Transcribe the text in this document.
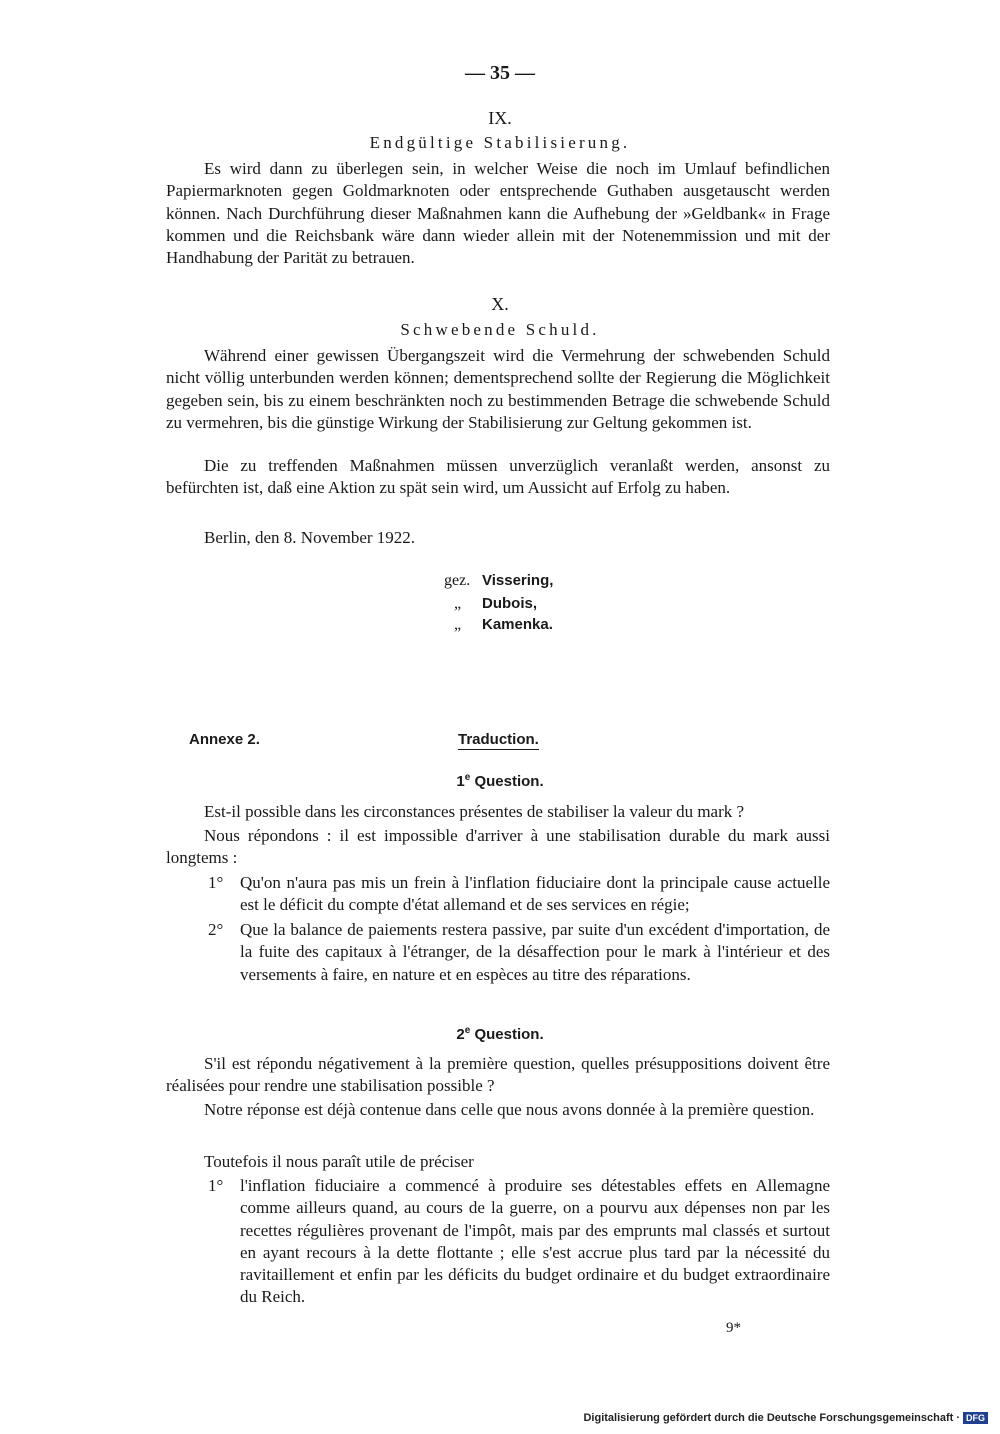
— 35 —
IX.
Endgültige Stabilisierung.
Es wird dann zu überlegen sein, in welcher Weise die noch im Umlauf befindlichen Papiermarknoten gegen Goldmarknoten oder entsprechende Guthaben ausgetauscht werden können. Nach Durchführung dieser Maßnahmen kann die Aufhebung der »Geldbank« in Frage kommen und die Reichsbank wäre dann wieder allein mit der Notenemmission und mit der Handhabung der Parität zu betrauen.
X.
Schwebende Schuld.
Während einer gewissen Übergangszeit wird die Vermehrung der schwebenden Schuld nicht völlig unterbunden werden können; dementsprechend sollte der Regierung die Möglichkeit gegeben sein, bis zu einem beschränkten noch zu bestimmenden Betrage die schwebende Schuld zu vermehren, bis die günstige Wirkung der Stabilisierung zur Geltung gekommen ist.
Die zu treffenden Maßnahmen müssen unverzüglich veranlaßt werden, ansonst zu befürchten ist, daß eine Aktion zu spät sein wird, um Aussicht auf Erfolg zu haben.
Berlin, den 8. November 1922.
gez. Vissering,
„ Dubois,
„ Kamenka.
Annexe 2.	Traduction.
1e Question.
Est-il possible dans les circonstances présentes de stabiliser la valeur du mark ?
Nous répondons : il est impossible d'arriver à une stabilisation durable du mark aussi longtems :
1° Qu'on n'aura pas mis un frein à l'inflation fiduciaire dont la principale cause actuelle est le déficit du compte d'état allemand et de ses services en régie;
2° Que la balance de paiements restera passive, par suite d'un excédent d'importation, de la fuite des capitaux à l'étranger, de la désaffection pour le mark à l'intérieur et des versements à faire, en nature et en espèces au titre des réparations.
2e Question.
S'il est répondu négativement à la première question, quelles présuppositions doivent être réalisées pour rendre une stabilisation possible ?
Notre réponse est déjà contenue dans celle que nous avons donnée à la première question.
Toutefois il nous paraît utile de préciser
1° l'inflation fiduciaire a commencé à produire ses détestables effets en Allemagne comme ailleurs quand, au cours de la guerre, on a pourvu aux dépenses non par les recettes régulières provenant de l'impôt, mais par des emprunts mal classés et surtout en ayant recours à la dette flottante ; elle s'est accrue plus tard par la nécessité du ravitaillement et enfin par les déficits du budget ordinaire et du budget extraordinaire du Reich.
9*
Digitalisierung gefördert durch die Deutsche Forschungsgemeinschaft · DFG
